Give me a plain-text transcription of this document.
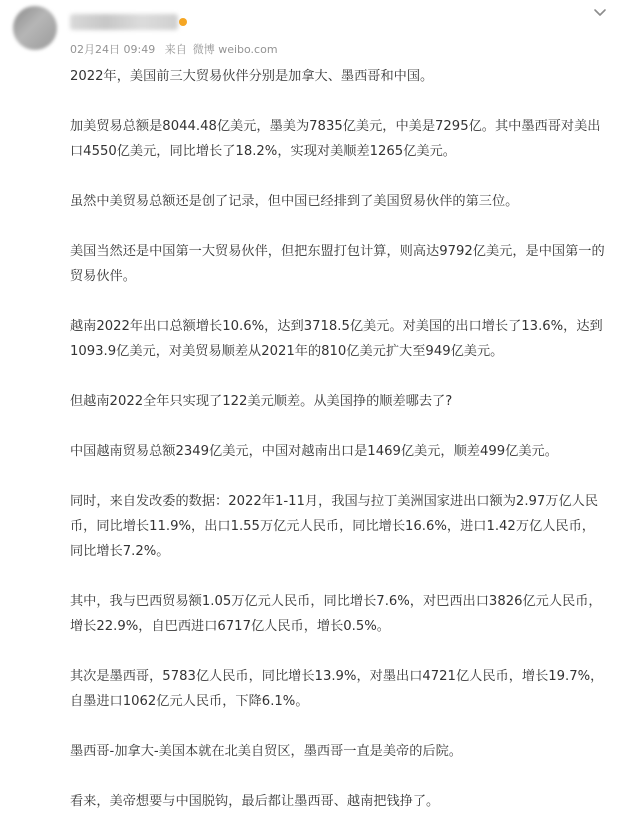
02月24日 09:49 来自 微博 weibo.com

2022年，美国前三大贸易伙伴分别是加拿大、墨西哥和中国。

加美贸易总额是8044.48亿美元，墨美为7835亿美元，中美是7295亿。其中墨西哥对美出口4550亿美元，同比增长了18.2%，实现对美顺差1265亿美元。

虽然中美贸易总额还是创了记录，但中国已经排到了美国贸易伙伴的第三位。

美国当然还是中国第一大贸易伙伴，但把东盟打包计算，则高达9792亿美元，是中国第一的贸易伙伴。

越南2022年出口总额增长10.6%，达到3718.5亿美元。对美国的出口增长了13.6%，达到1093.9亿美元，对美贸易顺差从2021年的810亿美元扩大至949亿美元。

但越南2022全年只实现了122美元顺差。从美国挣的顺差哪去了?

中国越南贸易总额2349亿美元，中国对越南出口是1469亿美元，顺差499亿美元。

同时，来自发改委的数据：2022年1-11月，我国与拉丁美洲国家进出口额为2.97万亿人民币，同比增长11.9%，出口1.55万亿元人民币，同比增长16.6%，进口1.42万亿人民币，同比增长7.2%。

其中，我与巴西贸易额1.05万亿元人民币，同比增长7.6%，对巴西出口3826亿元人民币，增长22.9%，自巴西进口6717亿人民币，增长0.5%。

其次是墨西哥，5783亿人民币，同比增长13.9%，对墨出口4721亿人民币，增长19.7%，自墨进口1062亿元人民币，下降6.1%。

墨西哥-加拿大-美国本就在北美自贸区，墨西哥一直是美帝的后院。

看来，美帝想要与中国脱钩，最后都让墨西哥、越南把钱挣了。
